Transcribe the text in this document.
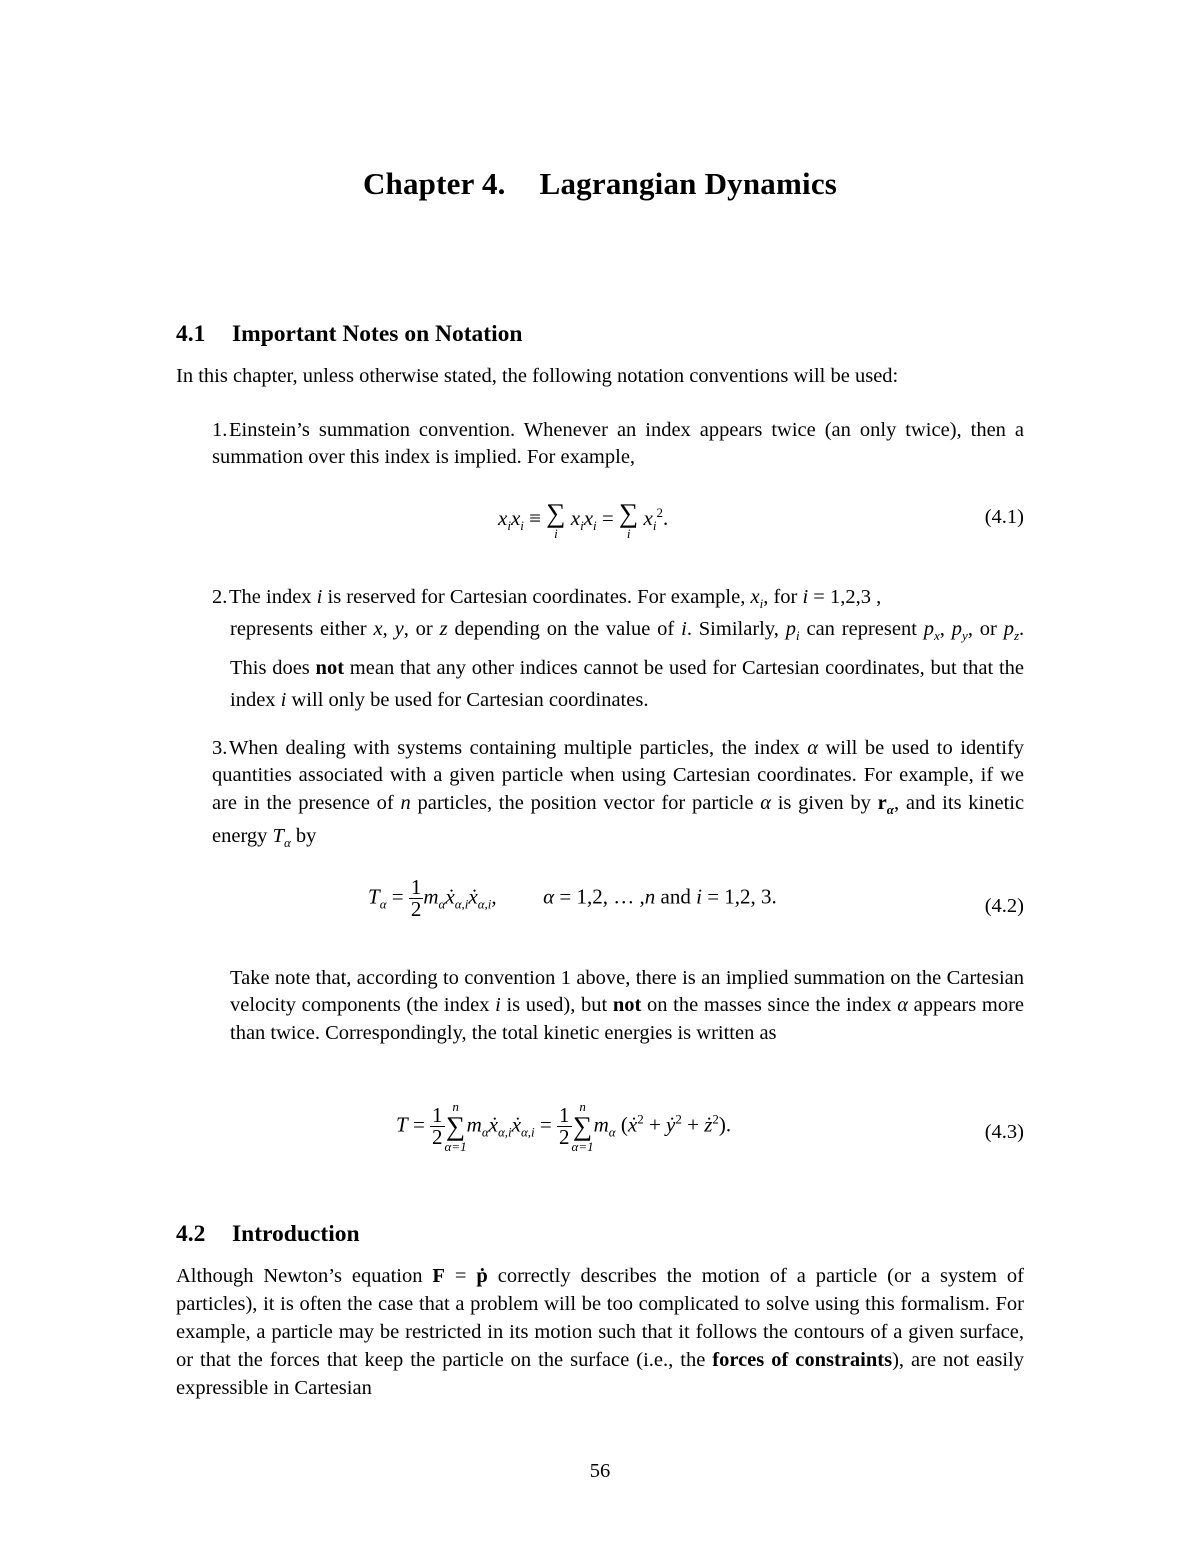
Chapter 4. Lagrangian Dynamics
4.1 Important Notes on Notation
In this chapter, unless otherwise stated, the following notation conventions will be used:
1.Einstein’s summation convention. Whenever an index appears twice (an only twice), then a summation over this index is implied. For example,
$x_ix_i$ ≡ ∑
i
$x_ix_i$ = ∑
i
$x_i^2$.	(4.1)
2.The index i is reserved for Cartesian coordinates. For example, $x_i$, for i = 1,2,3 ,
represents either x, y, or z depending on the value of i. Similarly, $p_i$ can represent $p_x$, $p_y$, or $p_z$. This does not mean that any other indices cannot be used for Cartesian coordinates, but that the index i will only be used for Cartesian coordinates.
3.When dealing with systems containing multiple particles, the index α will be used to identify quantities associated with a given particle when using Cartesian coordinates. For example, if we are in the presence of n particles, the position vector for particle α is given by $r_\alpha$, and its kinetic energy $T_\alpha$ by
$T_\alpha = \frac{1}{2}$ $m_\alpha ẋ_{\alpha,i}ẋ_{\alpha,i}$, α = 1,2, … ,n and i = 1,2, 3.	(4.2)
Take note that, according to convention 1 above, there is an implied summation on the Cartesian velocity components (the index i is used), but not on the masses since the index α appears more than twice. Correspondingly, the total kinetic energies is written as
$T = \frac{1}{2}$ n
∑
α=1
$m_\alpha ẋ_{\alpha,i}ẋ_{\alpha,i} = \frac{1}{2}$ n
∑
α=1
$m_\alpha$ (ẋ$^2$ + ẏ$^2$ + $ż^2$).	(4.3)
4.2 Introduction
Although Newton’s equation F = ṗ correctly describes the motion of a particle (or a system of particles), it is often the case that a problem will be too complicated to solve using this formalism. For example, a particle may be restricted in its motion such that it follows the contours of a given surface, or that the forces that keep the particle on the surface (i.e., the forces of constraints), are not easily expressible in Cartesian
56
